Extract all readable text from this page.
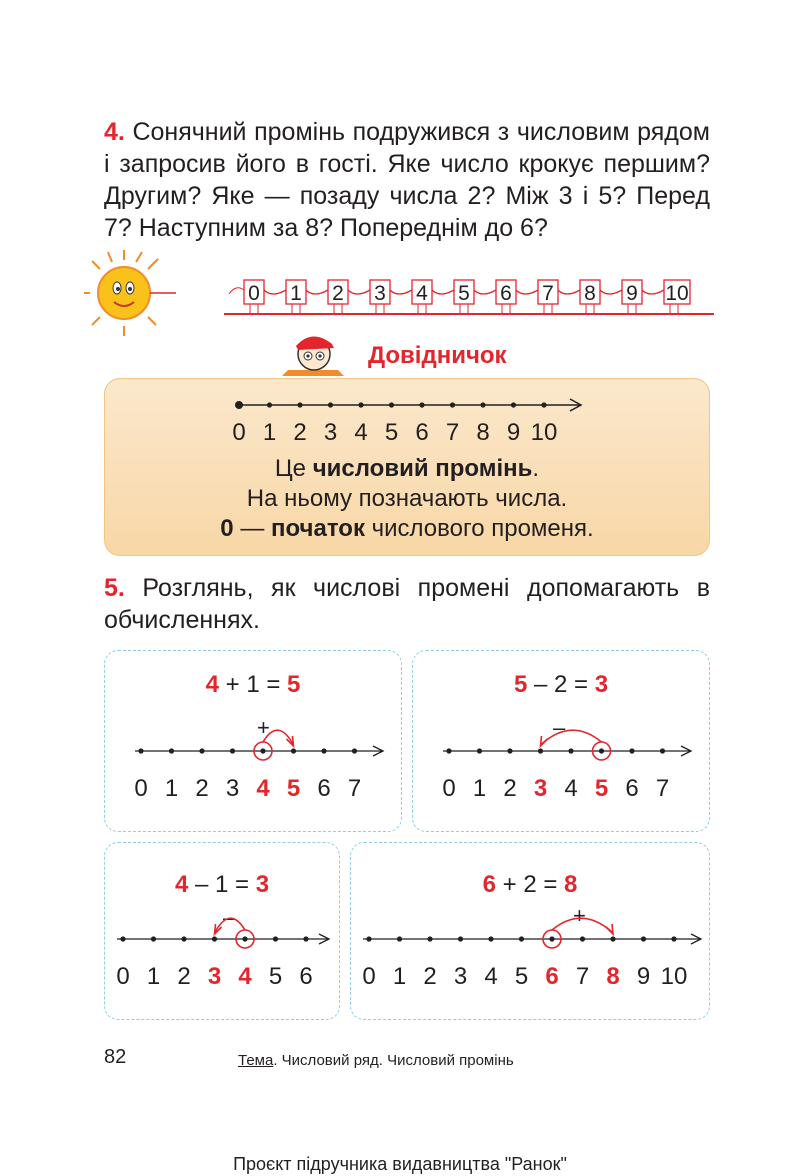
4. Сонячний промінь подружився з числовим рядом і запросив його в гості. Яке число крокує першим? Другим? Яке — позаду числа 2? Між 3 і 5? Перед 7? Наступним за 8? Попереднім до 6?
0 1 2 3 4 5 6 7 8 9 10
Довідничок
0 1 2 3 4 5 6 7 8 9 10
Це числовий промінь.
На ньому позначають числа.
0 — початок числового променя.
5. Розглянь, як числові промені допомагають в обчисленнях.
4 + 1 = 5
+
0 1 2 3 4 5 6 7
5 – 2 = 3
–
0 1 2 3 4 5 6 7
4 – 1 = 3
–
0 1 2 3 4 5 6
6 + 2 = 8
+
0 1 2 3 4 5 6 7 8 9 10
82	Тема. Числовий ряд. Числовий промінь
Проєкт підручника видавництва "Ранок"
